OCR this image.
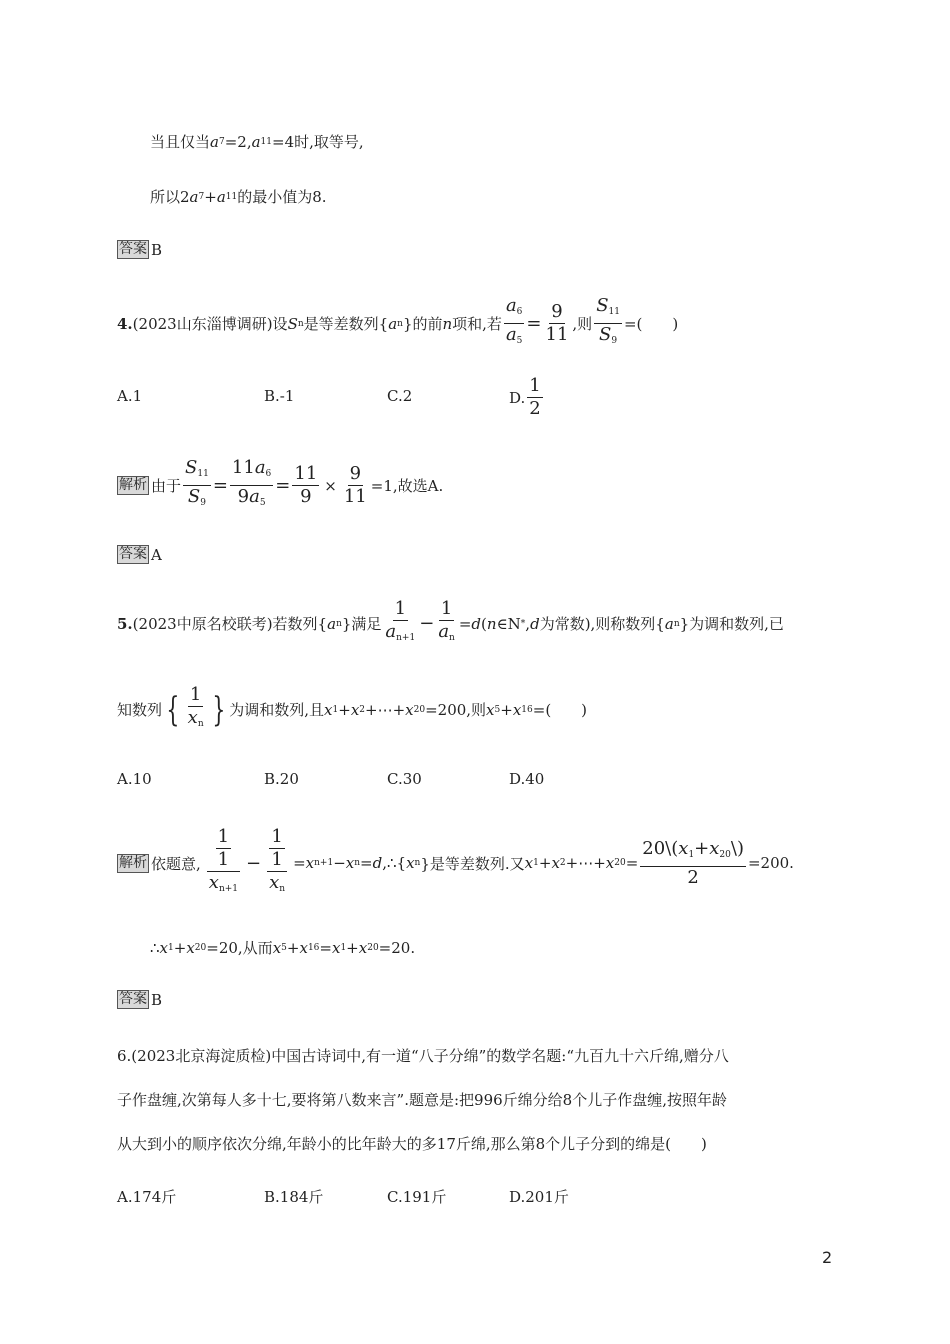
当且仅当 a 7 =2, a 11 =4时,取等号,
所以2 a 7 + a 11 的最小值为8.
答案 B
4. (2023山东淄博调研)设 S n 是等差数列{ a n }的前 n 项和,若 $\frac{a_6}{a_5} = \frac{9}{11}$ ,则 $\frac{S_{11}}{S_9}$ =(　　)
A.1	B.-1	C.2	D. $\frac{1}{2}$
解析 由于 $\frac{S_{11}}{S_9} = \frac{11a_6}{9a_5} = \frac{11}{9} \times \frac{9}{11} =1$,故选A.
答案 A
5. (2023中原名校联考)若数列{ a n }满足 $\frac{1}{a_{n+1}} - \frac{1}{a_n} = d$ ( n ∈N * , d 为常数),则称数列{ a n }为调和数列,已
知数列 { $\frac{1}{x_n}$ } 为调和数列,且 x 1 + x 2 +⋯+ x 20 =200,则 x 5 + x 16 =(　　)
A.10	B.20	C.30	D.40
解析 依题意, $\frac{1}{\frac{1}{x_{n+1}}} - \frac{1}{\frac{1}{x_n}} = x$ n+1 − x n = d ,∴{ x n }是等差数列.又 x 1 + x 2 +⋯+ x $20 = \frac{20\backslash(x_1+x_{20}\backslash)}{2} =200$.
∴ x 1 + x 20 =20,从而 x 5 + x 16 = x 1 + x 20 =20.
答案 B
6.(2023北京海淀质检)中国古诗词中,有一道“八子分绵”的数学名题:“九百九十六斤绵,赠分八
子作盘缠,次第每人多十七,要将第八数来言”.题意是:把996斤绵分给8个儿子作盘缠,按照年龄
从大到小的顺序依次分绵,年龄小的比年龄大的多17斤绵,那么第8个儿子分到的绵是(　　)
A.174斤	B.184斤	C.191斤	D.201斤
2
